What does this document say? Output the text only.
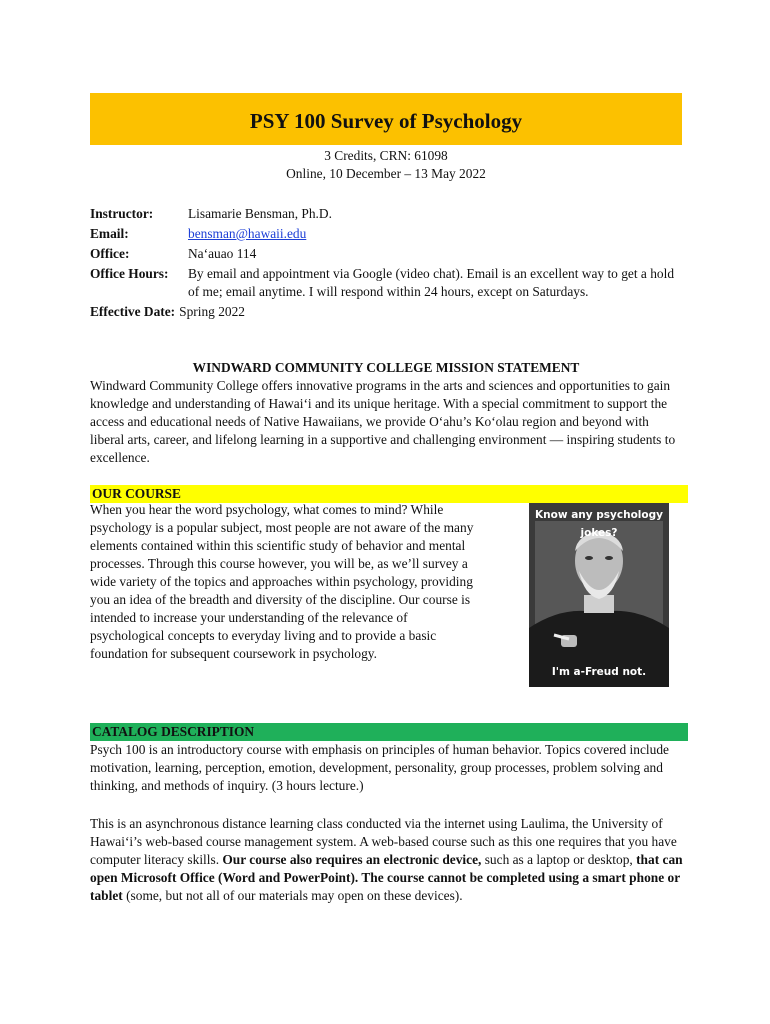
PSY 100 Survey of Psychology
3 Credits, CRN: 61098
Online, 10 December – 13 May 2022
Instructor:	Lisamarie Bensman, Ph.D.
Email:	bensman@hawaii.edu
Office:	Na‘auao 114
Office Hours:	By email and appointment via Google (video chat). Email is an excellent way to get a hold of me; email anytime. I will respond within 24 hours, except on Saturdays.
Effective Date: Spring 2022
WINDWARD COMMUNITY COLLEGE MISSION STATEMENT

Windward Community College offers innovative programs in the arts and sciences and opportunities to gain knowledge and understanding of Hawai‘i and its unique heritage. With a special commitment to support the access and educational needs of Native Hawaiians, we provide O‘ahu’s Ko‘olau region and beyond with liberal arts, career, and lifelong learning in a supportive and challenging environment — inspiring students to excellence.

OUR COURSE

When you hear the word psychology, what comes to mind? While psychology is a popular subject, most people are not aware of the many elements contained within this scientific study of behavior and mental processes. Through this course however, you will be, as we’ll survey a wide variety of the topics and approaches within psychology, providing you an idea of the breadth and diversity of the discipline. Our course is intended to increase your understanding of the relevance of psychological concepts to everyday living and to provide a basic foundation for subsequent coursework in psychology.

Know any psychology jokes?
I'm a-Freud not.
CATALOG DESCRIPTION

Psych 100 is an introductory course with emphasis on principles of human behavior. Topics covered include motivation, learning, perception, emotion, development, personality, group processes, problem solving and thinking, and methods of inquiry. (3 hours lecture.)

This is an asynchronous distance learning class conducted via the internet using Laulima, the University of Hawai‘i’s web-based course management system. A web-based course such as this one requires that you have computer literacy skills. Our course also requires an electronic device, such as a laptop or desktop, that can open Microsoft Office (Word and PowerPoint). The course cannot be completed using a smart phone or tablet (some, but not all of our materials may open on these devices).
